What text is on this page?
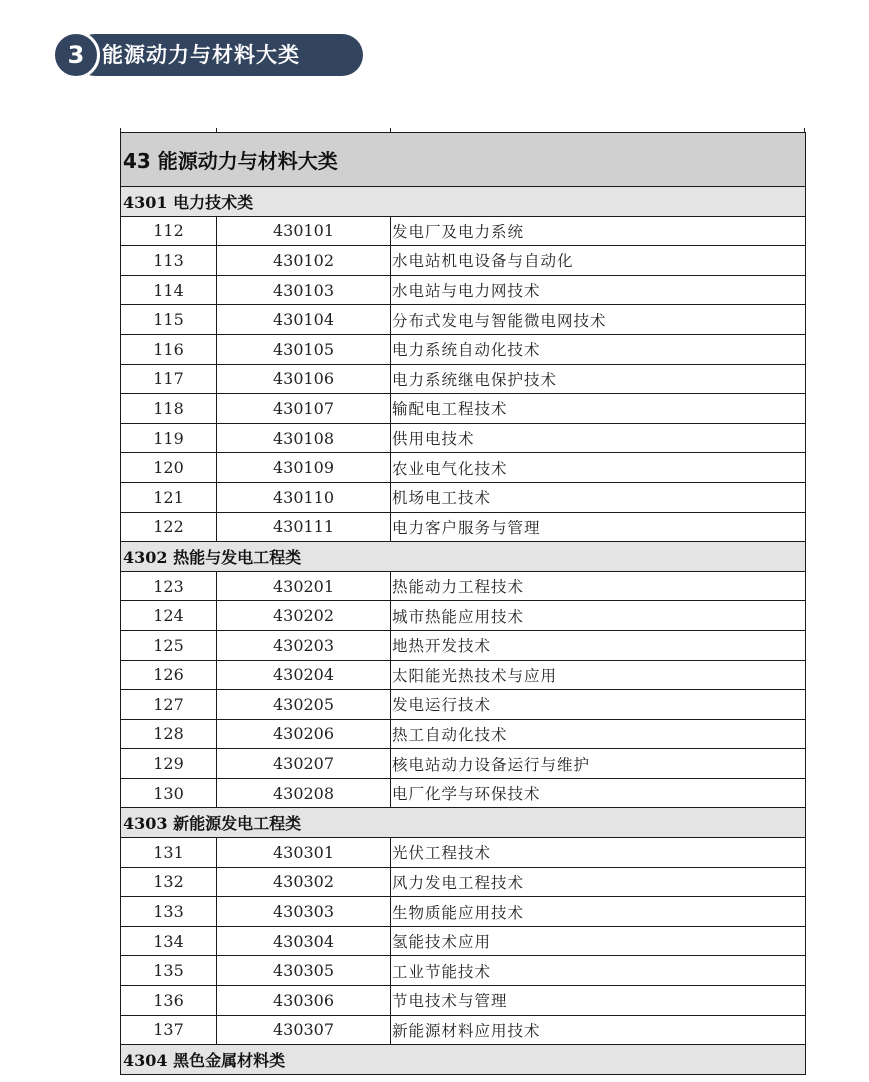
能源动力与材料大类
3
43 能源动力与材料大类		
4301 电力技术类		
112	430101	发电厂及电力系统
113	430102	水电站机电设备与自动化
114	430103	水电站与电力网技术
115	430104	分布式发电与智能微电网技术
116	430105	电力系统自动化技术
117	430106	电力系统继电保护技术
118	430107	输配电工程技术
119	430108	供用电技术
120	430109	农业电气化技术
121	430110	机场电工技术
122	430111	电力客户服务与管理
4302 热能与发电工程类		
123	430201	热能动力工程技术
124	430202	城市热能应用技术
125	430203	地热开发技术
126	430204	太阳能光热技术与应用
127	430205	发电运行技术
128	430206	热工自动化技术
129	430207	核电站动力设备运行与维护
130	430208	电厂化学与环保技术
4303 新能源发电工程类		
131	430301	光伏工程技术
132	430302	风力发电工程技术
133	430303	生物质能应用技术
134	430304	氢能技术应用
135	430305	工业节能技术
136	430306	节电技术与管理
137	430307	新能源材料应用技术
4304 黑色金属材料类		
